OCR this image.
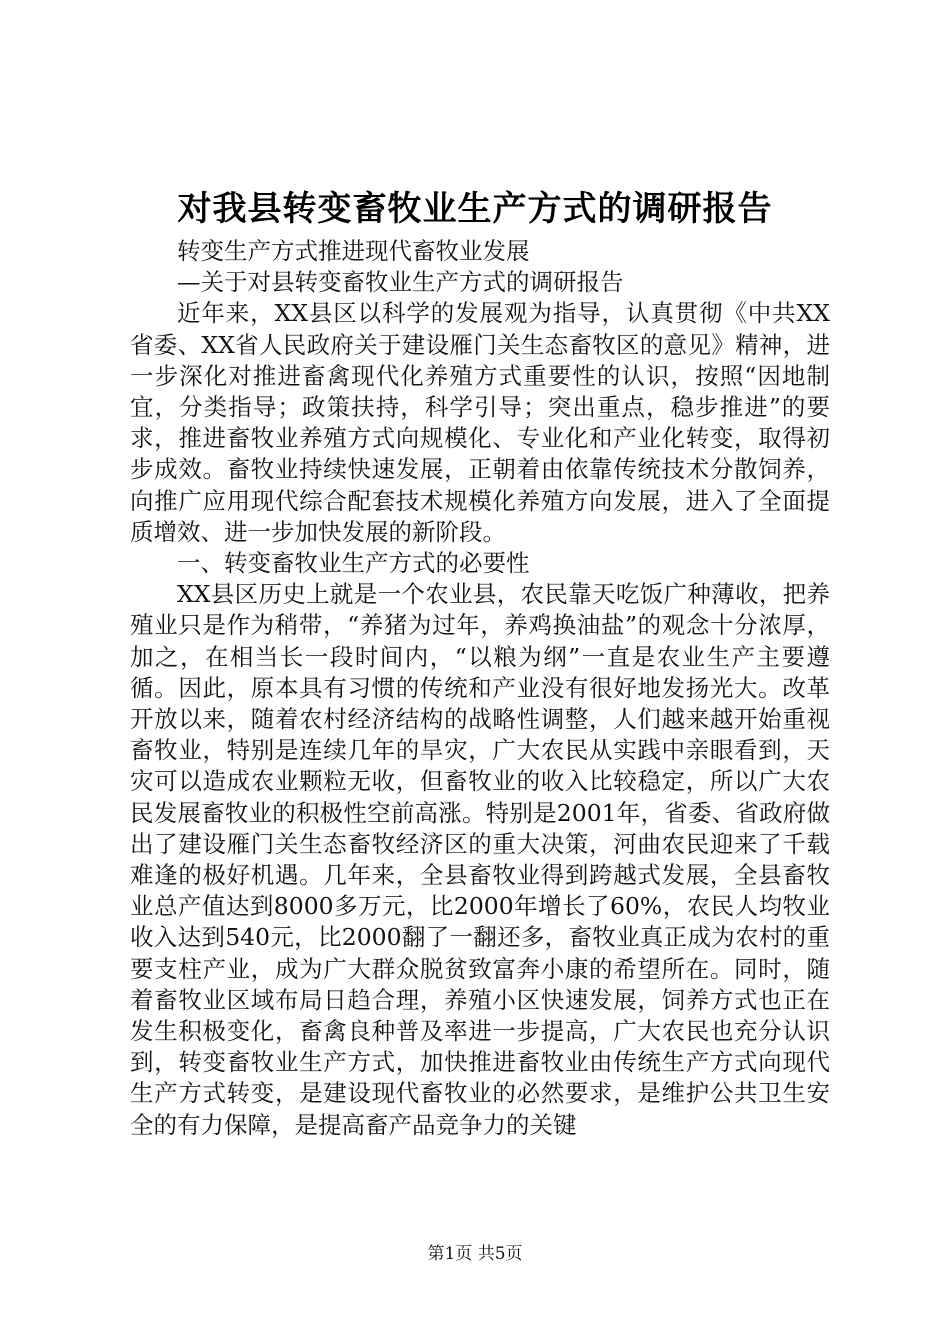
对我县转变畜牧业生产方式的调研报告

转变生产方式推进现代畜牧业发展

—关于对县转变畜牧业生产方式的调研报告

近年来，XX县区以科学的发展观为指导，认真贯彻《中共XX省委、XX省人民政府关于建设雁门关生态畜牧区的意见》精神，进一步深化对推进畜禽现代化养殖方式重要性的认识，按照“因地制宜，分类指导；政策扶持，科学引导；突出重点，稳步推进”的要求，推进畜牧业养殖方式向规模化、专业化和产业化转变，取得初步成效。畜牧业持续快速发展，正朝着由依靠传统技术分散饲养，向推广应用现代综合配套技术规模化养殖方向发展，进入了全面提质增效、进一步加快发展的新阶段。

一、转变畜牧业生产方式的必要性

XX县区历史上就是一个农业县，农民靠天吃饭广种薄收，把养殖业只是作为稍带，“养猪为过年，养鸡换油盐”的观念十分浓厚，加之，在相当长一段时间内，“以粮为纲”一直是农业生产主要遵循。因此，原本具有习惯的传统和产业没有很好地发扬光大。改革开放以来，随着农村经济结构的战略性调整，人们越来越开始重视畜牧业，特别是连续几年的旱灾，广大农民从实践中亲眼看到，天灾可以造成农业颗粒无收，但畜牧业的收入比较稳定，所以广大农民发展畜牧业的积极性空前高涨。特别是2001年，省委、省政府做出了建设雁门关生态畜牧经济区的重大决策，河曲农民迎来了千载难逢的极好机遇。几年来，全县畜牧业得到跨越式发展，全县畜牧业总产值达到8000多万元，比2000年增长了60%，农民人均牧业收入达到540元，比2000翻了一翻还多，畜牧业真正成为农村的重要支柱产业，成为广大群众脱贫致富奔小康的希望所在。同时，随着畜牧业区域布局日趋合理，养殖小区快速发展，饲养方式也正在发生积极变化，畜禽良种普及率进一步提高，广大农民也充分认识到，转变畜牧业生产方式，加快推进畜牧业由传统生产方式向现代生产方式转变，是建设现代畜牧业的必然要求，是维护公共卫生安全的有力保障，是提高畜产品竞争力的关键

第1页 共5页
